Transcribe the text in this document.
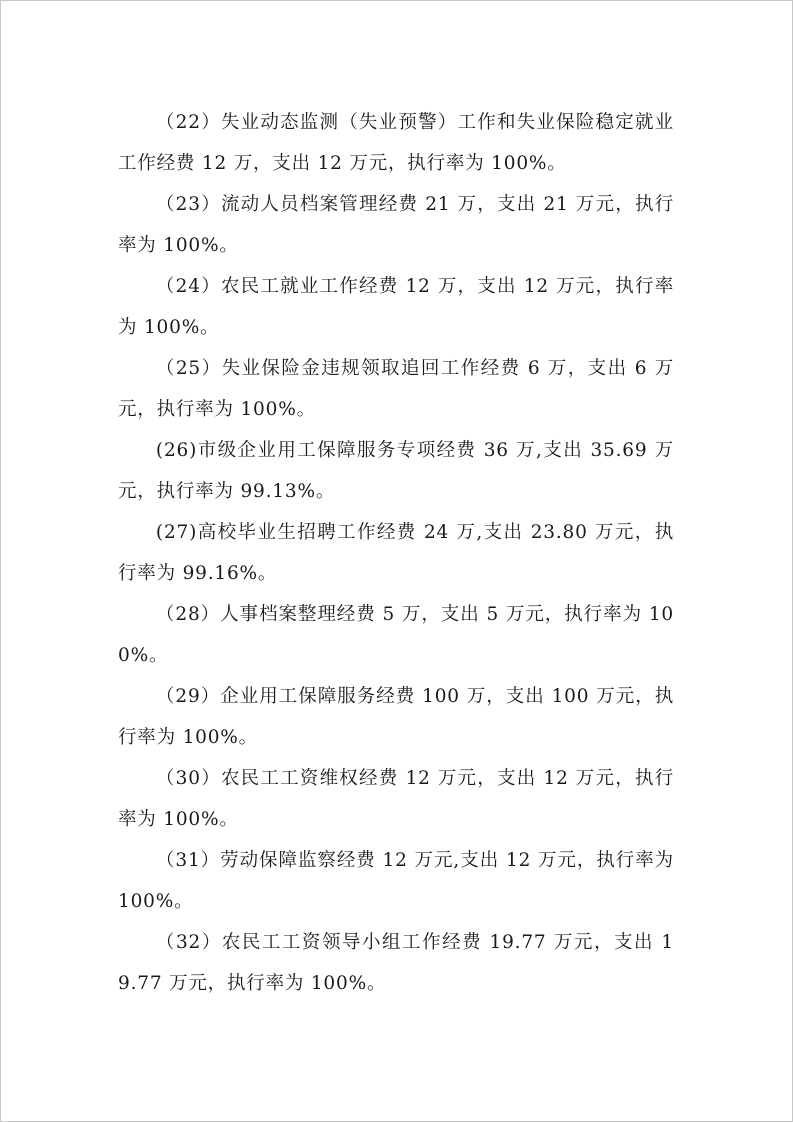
（22）失业动态监测（失业预警）工作和失业保险稳定就业工作经费 12 万，支出 12 万元，执行率为 100%。

（23）流动人员档案管理经费 21 万，支出 21 万元，执行率为 100%。

（24）农民工就业工作经费 12 万，支出 12 万元，执行率为 100%。

（25）失业保险金违规领取追回工作经费 6 万，支出 6 万元，执行率为 100%。

(26)市级企业用工保障服务专项经费 36 万,支出 35.69 万元，执行率为 99.13%。

(27)高校毕业生招聘工作经费 24 万,支出 23.80 万元，执行率为 99.16%。

（28）人事档案整理经费 5 万，支出 5 万元，执行率为 100%。

（29）企业用工保障服务经费 100 万，支出 100 万元，执行率为 100%。

（30）农民工工资维权经费 12 万元，支出 12 万元，执行率为 100%。

（31）劳动保障监察经费 12 万元,支出 12 万元，执行率为 100%。

（32）农民工工资领导小组工作经费 19.77 万元，支出 19.77 万元，执行率为 100%。
